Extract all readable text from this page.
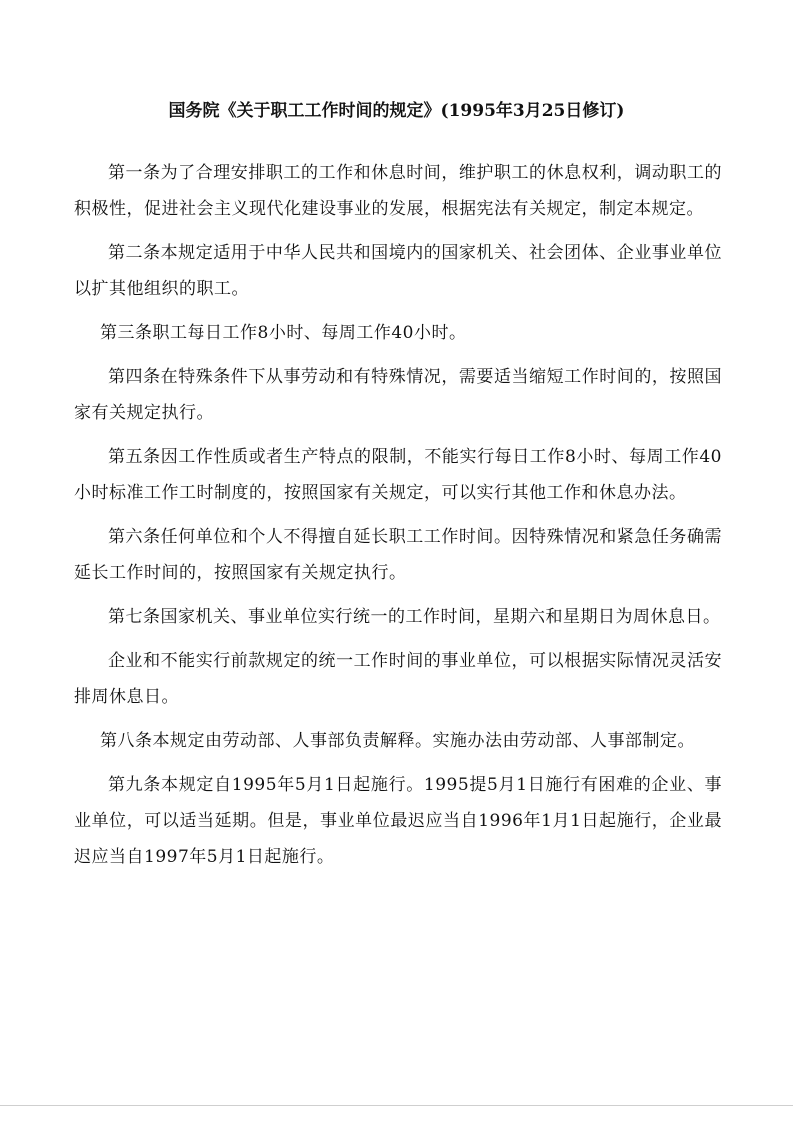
国务院《关于职工工作时间的规定》(1995年3月25日修订)

第一条为了合理安排职工的工作和休息时间，维护职工的休息权利，调动职工的积极性，促进社会主义现代化建设事业的发展，根据宪法有关规定，制定本规定。

第二条本规定适用于中华人民共和国境内的国家机关、社会团体、企业事业单位以扩其他组织的职工。

第三条职工每日工作8小时、每周工作40小时。

第四条在特殊条件下从事劳动和有特殊情况，需要适当缩短工作时间的，按照国家有关规定执行。

第五条因工作性质或者生产特点的限制，不能实行每日工作8小时、每周工作40小时标准工作工时制度的，按照国家有关规定，可以实行其他工作和休息办法。

第六条任何单位和个人不得擅自延长职工工作时间。因特殊情况和紧急任务确需延长工作时间的，按照国家有关规定执行。

第七条国家机关、事业单位实行统一的工作时间，星期六和星期日为周休息日。

企业和不能实行前款规定的统一工作时间的事业单位，可以根据实际情况灵活安排周休息日。

第八条本规定由劳动部、人事部负责解释。实施办法由劳动部、人事部制定。

第九条本规定自1995年5月1日起施行。1995提5月1日施行有困难的企业、事业单位，可以适当延期。但是，事业单位最迟应当自1996年1月1日起施行，企业最迟应当自1997年5月1日起施行。
